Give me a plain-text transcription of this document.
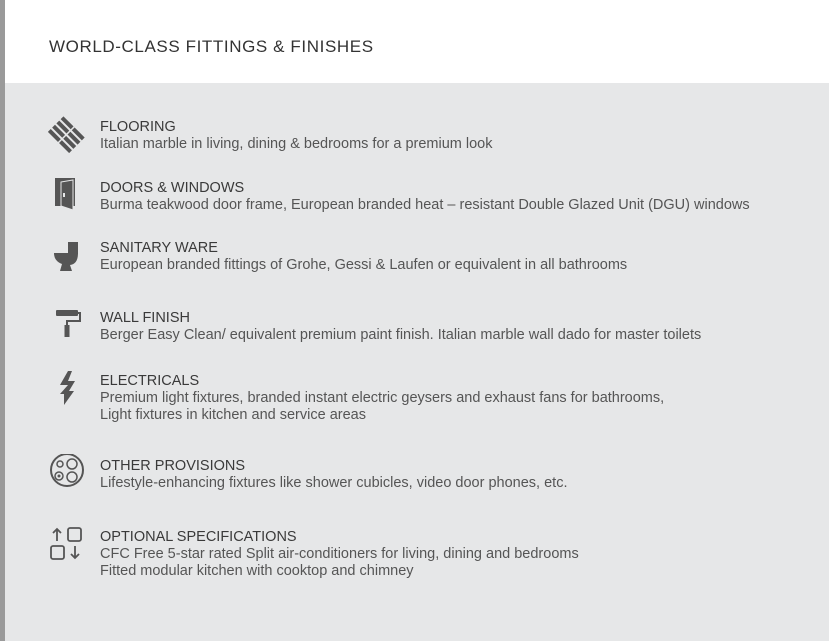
WORLD-CLASS FITTINGS & FINISHES
FLOORING
Italian marble in living, dining & bedrooms for a premium look
DOORS & WINDOWS
Burma teakwood door frame, European branded heat – resistant Double Glazed Unit (DGU) windows
SANITARY WARE
European branded fittings of Grohe, Gessi & Laufen or equivalent in all bathrooms
WALL FINISH
Berger Easy Clean/ equivalent premium paint finish. Italian marble wall dado for master toilets
ELECTRICALS
Premium light fixtures, branded instant electric geysers and exhaust fans for bathrooms,
Light fixtures in kitchen and service areas
OTHER PROVISIONS
Lifestyle-enhancing fixtures like shower cubicles, video door phones, etc.
OPTIONAL SPECIFICATIONS
CFC Free 5-star rated Split air-conditioners for living, dining and bedrooms
Fitted modular kitchen with cooktop and chimney
